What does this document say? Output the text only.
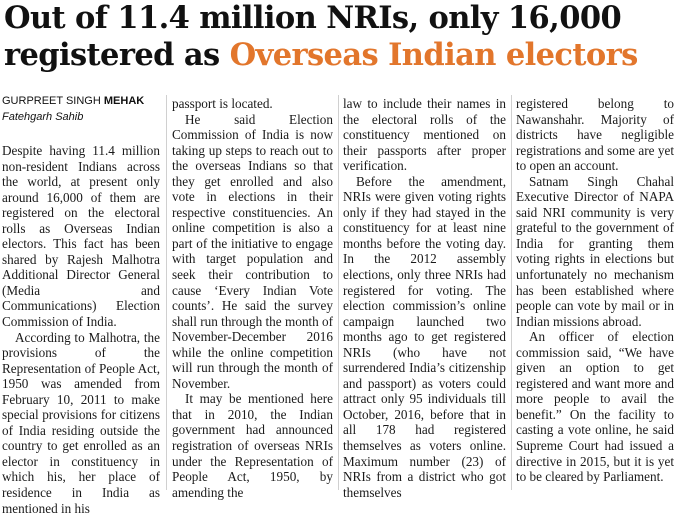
Out of 11.4 million NRIs, only 16,000
registered as Overseas Indian electors
GURPREET SINGH MEHAK
Fatehgarh Sahib

Despite having 11.4 million non-resident Indians across the world, at present only around 16,000 of them are registered on the electoral rolls as Overseas Indian electors. This fact has been shared by Rajesh Malhotra Additional Director General (Media and Communications) Election Commission of India.

According to Malhotra, the provisions of the Representation of People Act, 1950 was amended from February 10, 2011 to make special provisions for citizens of India residing outside the country to get enrolled as an elector in constituency in which his, her place of residence in India as mentioned in his

passport is located.

He said Election Commission of India is now taking up steps to reach out to the overseas Indians so that they get enrolled and also vote in elections in their respective constituencies. An online competition is also a part of the initiative to engage with target population and seek their contribution to cause ‘Every Indian Vote counts’. He said the survey shall run through the month of November-December 2016 while the online competition will run through the month of November.

It may be mentioned here that in 2010, the Indian government had announced registration of overseas NRIs under the Representation of People Act, 1950, by amending the

law to include their names in the electoral rolls of the constituency mentioned on their passports after proper verification.

Before the amendment, NRIs were given voting rights only if they had stayed in the constituency for at least nine months before the voting day. In the 2012 assembly elections, only three NRIs had registered for voting. The election commission’s online campaign launched two months ago to get registered NRIs (who have not surrendered India’s citizenship and passport) as voters could attract only 95 individuals till October, 2016, before that in all 178 had registered themselves as voters online. Maximum number (23) of NRIs from a district who got themselves

registered belong to Nawanshahr. Majority of districts have negligible registrations and some are yet to open an account.

Satnam Singh Chahal Executive Director of NAPA said NRI community is very grateful to the government of India for granting them voting rights in elections but unfortunately no mechanism has been established where people can vote by mail or in Indian missions abroad.

An officer of election commission said, “We have given an option to get registered and want more and more people to avail the benefit.” On the facility to casting a vote online, he said Supreme Court had issued a directive in 2015, but it is yet to be cleared by Parliament.
